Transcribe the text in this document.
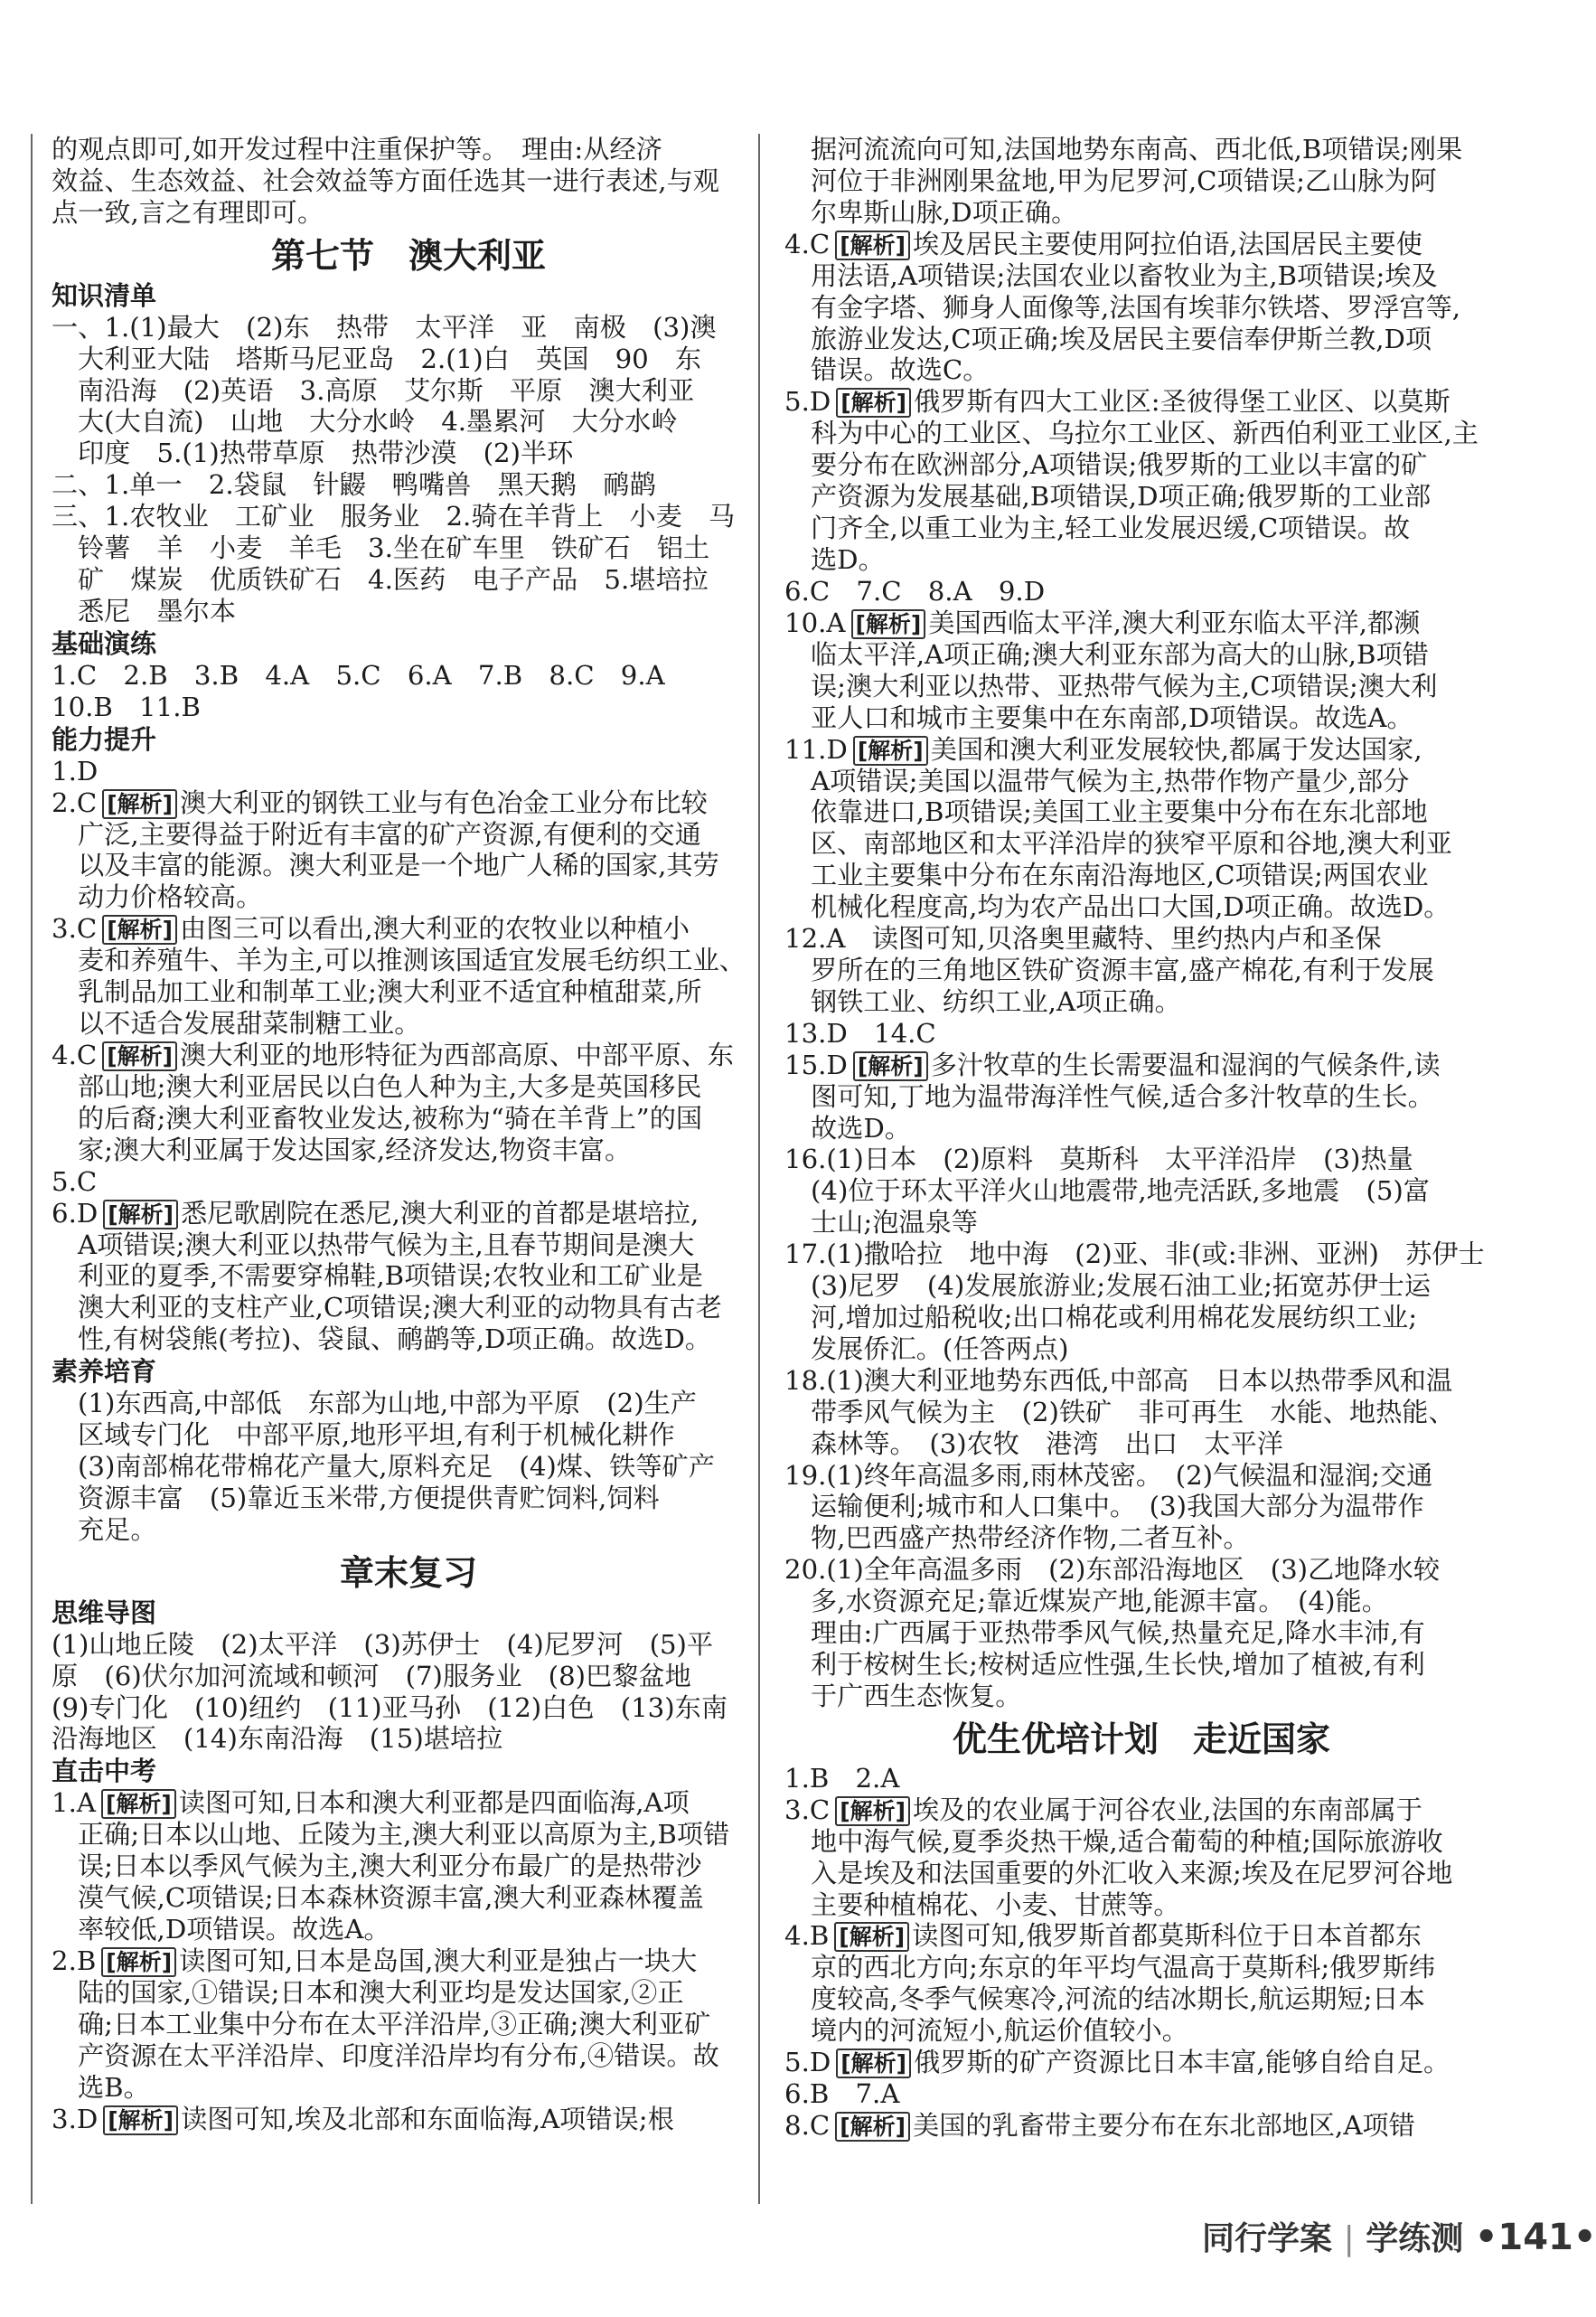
的观点即可,如开发过程中注重保护等。　理由:从经济
效益、生态效益、社会效益等方面任选其一进行表述,与观
点一致,言之有理即可。
第七节　澳大利亚
知识清单
一、1.(1)最大　(2)东　热带　太平洋　亚　南极　(3)澳
大利亚大陆　塔斯马尼亚岛　2.(1)白　英国　90　东
南沿海　(2)英语　3.高原　艾尔斯　平原　澳大利亚
大(大自流)　山地　大分水岭　4.墨累河　大分水岭
印度　5.(1)热带草原　热带沙漠　(2)半环
二、1.单一　2.袋鼠　针鼹　鸭嘴兽　黑天鹅　鸸鹋
三、1.农牧业　工矿业　服务业　2.骑在羊背上　小麦　马
铃薯　羊　小麦　羊毛　3.坐在矿车里　铁矿石　铝土
矿　煤炭　优质铁矿石　4.医药　电子产品　5.堪培拉
悉尼　墨尔本
基础演练
1.C　2.B　3.B　4.A　5.C　6.A　7.B　8.C　9.A
10.B　11.B
能力提升
1.D
2.C [解析] 澳大利亚的钢铁工业与有色冶金工业分布比较
广泛,主要得益于附近有丰富的矿产资源,有便利的交通
以及丰富的能源。澳大利亚是一个地广人稀的国家,其劳
动力价格较高。
3.C [解析] 由图三可以看出,澳大利亚的农牧业以种植小
麦和养殖牛、羊为主,可以推测该国适宜发展毛纺织工业、
乳制品加工业和制革工业;澳大利亚不适宜种植甜菜,所
以不适合发展甜菜制糖工业。
4.C [解析] 澳大利亚的地形特征为西部高原、中部平原、东
部山地;澳大利亚居民以白色人种为主,大多是英国移民
的后裔;澳大利亚畜牧业发达,被称为“骑在羊背上”的国
家;澳大利亚属于发达国家,经济发达,物资丰富。
5.C
6.D [解析] 悉尼歌剧院在悉尼,澳大利亚的首都是堪培拉,
A项错误;澳大利亚以热带气候为主,且春节期间是澳大
利亚的夏季,不需要穿棉鞋,B项错误;农牧业和工矿业是
澳大利亚的支柱产业,C项错误;澳大利亚的动物具有古老
性,有树袋熊(考拉)、袋鼠、鸸鹋等,D项正确。故选D。
素养培育
(1)东西高,中部低　东部为山地,中部为平原　(2)生产
区域专门化　中部平原,地形平坦,有利于机械化耕作
(3)南部棉花带棉花产量大,原料充足　(4)煤、铁等矿产
资源丰富　(5)靠近玉米带,方便提供青贮饲料,饲料
充足。
章末复习
思维导图
(1)山地丘陵　(2)太平洋　(3)苏伊士　(4)尼罗河　(5)平
原　(6)伏尔加河流域和顿河　(7)服务业　(8)巴黎盆地
(9)专门化　(10)纽约　(11)亚马孙　(12)白色　(13)东南
沿海地区　(14)东南沿海　(15)堪培拉
直击中考
1.A [解析] 读图可知,日本和澳大利亚都是四面临海,A项
正确;日本以山地、丘陵为主,澳大利亚以高原为主,B项错
误;日本以季风气候为主,澳大利亚分布最广的是热带沙
漠气候,C项错误;日本森林资源丰富,澳大利亚森林覆盖
率较低,D项错误。故选A。
2.B [解析] 读图可知,日本是岛国,澳大利亚是独占一块大
陆的国家,①错误;日本和澳大利亚均是发达国家,②正
确;日本工业集中分布在太平洋沿岸,③正确;澳大利亚矿
产资源在太平洋沿岸、印度洋沿岸均有分布,④错误。故
选B。
3.D [解析] 读图可知,埃及北部和东面临海,A项错误;根
据河流流向可知,法国地势东南高、西北低,B项错误;刚果
河位于非洲刚果盆地,甲为尼罗河,C项错误;乙山脉为阿
尔卑斯山脉,D项正确。
4.C [解析] 埃及居民主要使用阿拉伯语,法国居民主要使
用法语,A项错误;法国农业以畜牧业为主,B项错误;埃及
有金字塔、狮身人面像等,法国有埃菲尔铁塔、罗浮宫等,
旅游业发达,C项正确;埃及居民主要信奉伊斯兰教,D项
错误。故选C。
5.D [解析] 俄罗斯有四大工业区:圣彼得堡工业区、以莫斯
科为中心的工业区、乌拉尔工业区、新西伯利亚工业区,主
要分布在欧洲部分,A项错误;俄罗斯的工业以丰富的矿
产资源为发展基础,B项错误,D项正确;俄罗斯的工业部
门齐全,以重工业为主,轻工业发展迟缓,C项错误。故
选D。
6.C　7.C　8.A　9.D
10.A [解析] 美国西临太平洋,澳大利亚东临太平洋,都濒
临太平洋,A项正确;澳大利亚东部为高大的山脉,B项错
误;澳大利亚以热带、亚热带气候为主,C项错误;澳大利
亚人口和城市主要集中在东南部,D项错误。故选A。
11.D [解析] 美国和澳大利亚发展较快,都属于发达国家,
A项错误;美国以温带气候为主,热带作物产量少,部分
依靠进口,B项错误;美国工业主要集中分布在东北部地
区、南部地区和太平洋沿岸的狭窄平原和谷地,澳大利亚
工业主要集中分布在东南沿海地区,C项错误;两国农业
机械化程度高,均为农产品出口大国,D项正确。故选D。
12.A　 读图可知,贝洛奥里藏特、里约热内卢和圣保
罗所在的三角地区铁矿资源丰富,盛产棉花,有利于发展
钢铁工业、纺织工业,A项正确。
13.D　14.C
15.D [解析] 多汁牧草的生长需要温和湿润的气候条件,读
图可知,丁地为温带海洋性气候,适合多汁牧草的生长。
故选D。
16.(1)日本　(2)原料　莫斯科　太平洋沿岸　(3)热量
(4)位于环太平洋火山地震带,地壳活跃,多地震　(5)富
士山;泡温泉等
17.(1)撒哈拉　地中海　(2)亚、非(或:非洲、亚洲)　苏伊士
(3)尼罗　(4)发展旅游业;发展石油工业;拓宽苏伊士运
河,增加过船税收;出口棉花或利用棉花发展纺织工业;
发展侨汇。(任答两点)
18.(1)澳大利亚地势东西低,中部高　日本以热带季风和温
带季风气候为主　(2)铁矿　非可再生　水能、地热能、
森林等。　(3)农牧　港湾　出口　太平洋
19.(1)终年高温多雨,雨林茂密。　(2)气候温和湿润;交通
运输便利;城市和人口集中。　(3)我国大部分为温带作
物,巴西盛产热带经济作物,二者互补。
20.(1)全年高温多雨　(2)东部沿海地区　(3)乙地降水较
多,水资源充足;靠近煤炭产地,能源丰富。　(4)能。
理由:广西属于亚热带季风气候,热量充足,降水丰沛,有
利于桉树生长;桉树适应性强,生长快,增加了植被,有利
于广西生态恢复。
优生优培计划　走近国家
1.B　2.A
3.C [解析] 埃及的农业属于河谷农业,法国的东南部属于
地中海气候,夏季炎热干燥,适合葡萄的种植;国际旅游收
入是埃及和法国重要的外汇收入来源;埃及在尼罗河谷地
主要种植棉花、小麦、甘蔗等。
4.B [解析] 读图可知,俄罗斯首都莫斯科位于日本首都东
京的西北方向;东京的年平均气温高于莫斯科;俄罗斯纬
度较高,冬季气候寒冷,河流的结冰期长,航运期短;日本
境内的河流短小,航运价值较小。
5.D [解析] 俄罗斯的矿产资源比日本丰富,能够自给自足。
6.B　7.A
8.C [解析] 美国的乳畜带主要分布在东北部地区,A项错
同行学案 | 学练测 •141•
